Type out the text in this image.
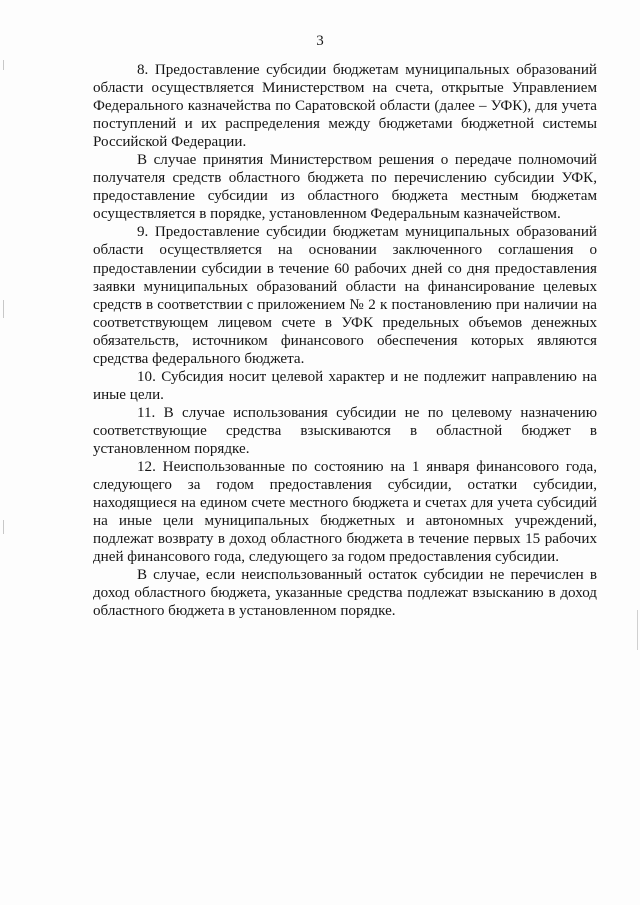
3

8. Предоставление субсидии бюджетам муниципальных образований области осуществляется Министерством на счета, открытые Управлением Федерального казначейства по Саратовской области (далее – УФК), для учета поступлений и их распределения между бюджетами бюджетной системы Российской Федерации.

В случае принятия Министерством решения о передаче полномочий получателя средств областного бюджета по перечислению субсидии УФК, предоставление субсидии из областного бюджета местным бюджетам осуществляется в порядке, установленном Федеральным казначейством.

9. Предоставление субсидии бюджетам муниципальных образований области осуществляется на основании заключенного соглашения о предоставлении субсидии в течение 60 рабочих дней со дня предоставления заявки муниципальных образований области на финансирование целевых средств в соответствии с приложением № 2 к постановлению при наличии на соответствующем лицевом счете в УФК предельных объемов денежных обязательств, источником финансового обеспечения которых являются средства федерального бюджета.

10. Субсидия носит целевой характер и не подлежит направлению на иные цели.

11. В случае использования субсидии не по целевому назначению соответствующие средства взыскиваются в областной бюджет в установленном порядке.

12. Неиспользованные по состоянию на 1 января финансового года, следующего за годом предоставления субсидии, остатки субсидии, находящиеся на едином счете местного бюджета и счетах для учета субсидий на иные цели муниципальных бюджетных и автономных учреждений, подлежат возврату в доход областного бюджета в течение первых 15 рабочих дней финансового года, следующего за годом предоставления субсидии.

В случае, если неиспользованный остаток субсидии не перечислен в доход областного бюджета, указанные средства подлежат взысканию в доход областного бюджета в установленном порядке.
